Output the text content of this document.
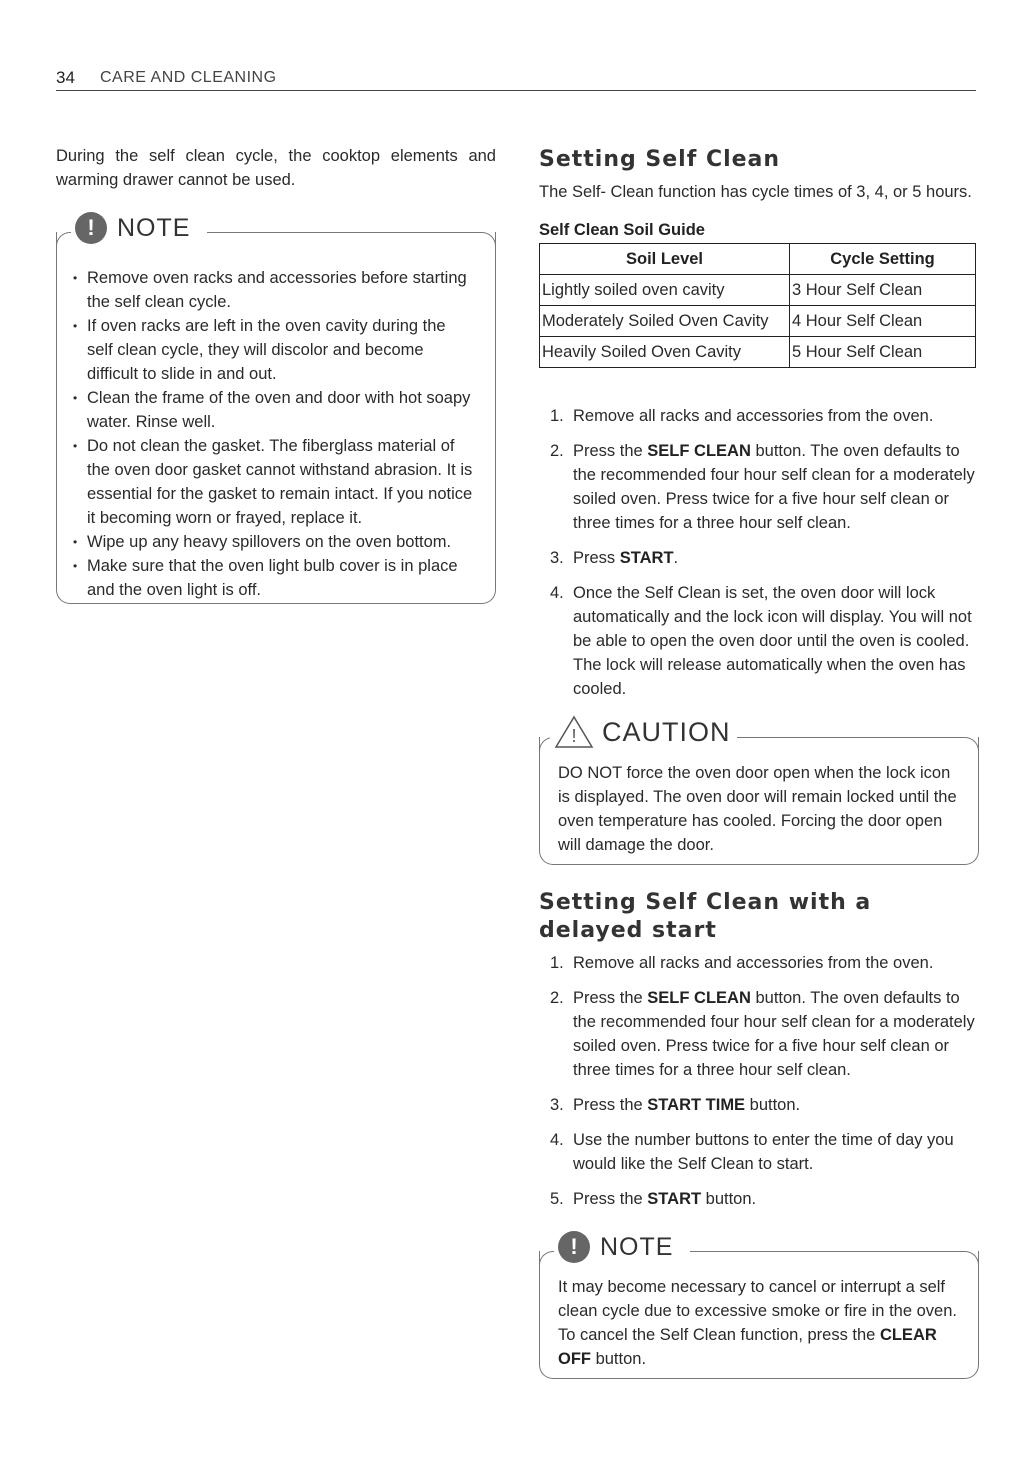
34 CARE AND CLEANING

During the self clean cycle, the cooktop elements and warming drawer cannot be used.

! NOTE
• Remove oven racks and accessories before starting the self clean cycle.
• If oven racks are left in the oven cavity during the self clean cycle, they will discolor and become difficult to slide in and out.
• Clean the frame of the oven and door with hot soapy water. Rinse well.
• Do not clean the gasket. The fiberglass material of the oven door gasket cannot withstand abrasion. It is essential for the gasket to remain intact. If you notice it becoming worn or frayed, replace it.
• Wipe up any heavy spillovers on the oven bottom.
• Make sure that the oven light bulb cover is in place and the oven light is off.
Setting Self Clean

The Self- Clean function has cycle times of 3, 4, or 5 hours.

Self Clean Soil Guide
Soil Level	Cycle Setting
Lightly soiled oven cavity	3 Hour Self Clean
Moderately Soiled Oven Cavity	4 Hour Self Clean
Heavily Soiled Oven Cavity	5 Hour Self Clean
1. Remove all racks and accessories from the oven.
2. Press the SELF CLEAN button. The oven defaults to the recommended four hour self clean for a moderately soiled oven. Press twice for a five hour self clean or three times for a three hour self clean.
3. Press START.
4. Once the Self Clean is set, the oven door will lock automatically and the lock icon will display. You will not be able to open the oven door until the oven is cooled. The lock will release automatically when the oven has cooled.
! CAUTION

DO NOT force the oven door open when the lock icon is displayed. The oven door will remain locked until the oven temperature has cooled. Forcing the door open will damage the door.

Setting Self Clean with a delayed start
1. Remove all racks and accessories from the oven.
2. Press the SELF CLEAN button. The oven defaults to the recommended four hour self clean for a moderately soiled oven. Press twice for a five hour self clean or three times for a three hour self clean.
3. Press the START TIME button.
4. Use the number buttons to enter the time of day you would like the Self Clean to start.
5. Press the START button.
! NOTE

It may become necessary to cancel or interrupt a self clean cycle due to excessive smoke or fire in the oven. To cancel the Self Clean function, press the CLEAR OFF button.
